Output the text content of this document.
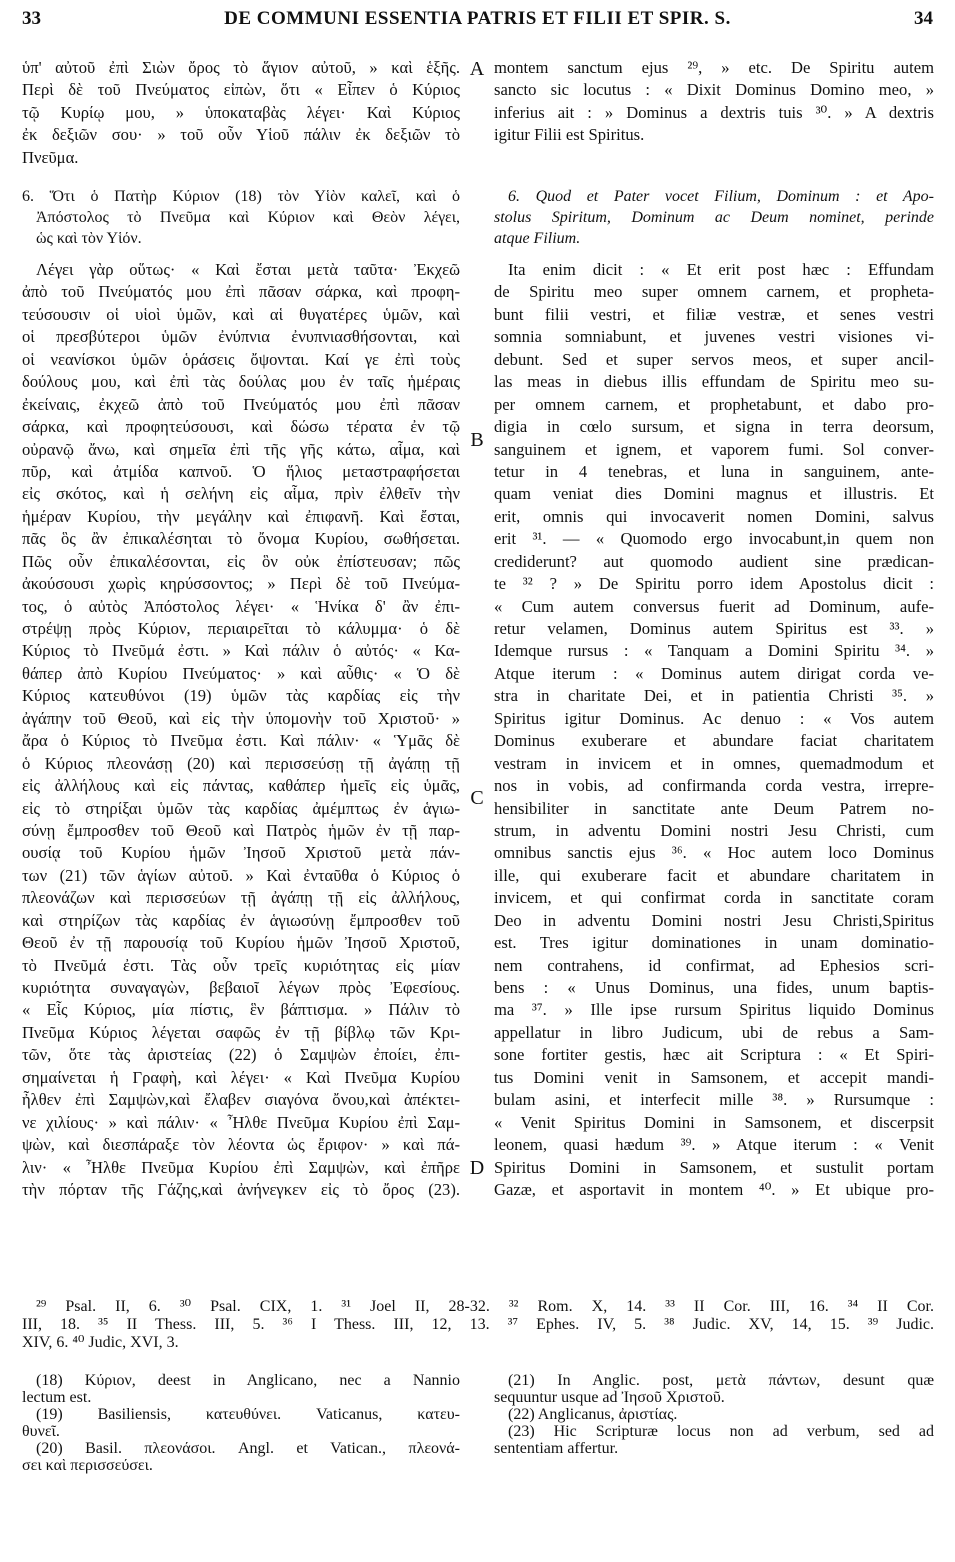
33	DE COMMUNI ESSENTIA PATRIS ET FILII ET SPIR. S.	34
A
B
C
D
ὑπ' αὐτοῦ ἐπὶ Σιὼν ὄρος τὸ ἅγιον αὐτοῦ, » καὶ ἑξῆς.
Περὶ δὲ τοῦ Πνεύματος εἰπὼν, ὅτι « Εἶπεν ὁ Κύριος
τῷ Κυρίῳ μου, » ὑποκαταβὰς λέγει· Καὶ Κύριος
ἐκ δεξιῶν σου· » τοῦ οὖν Υἱοῦ πάλιν ἐκ δεξιῶν τὸ
Πνεῦμα.
6. Ὅτι ὁ Πατὴρ Κύριον (18) τὸν Υἱὸν καλεῖ, καὶ ὁ
Ἀπόστολος τὸ Πνεῦμα καὶ Κύριον καὶ Θεὸν λέγει,
ὡς καὶ τὸν Υἱόν.
Λέγει γὰρ οὕτως· « Καὶ ἔσται μετὰ ταῦτα· Ἐκχεῶ
ἀπὸ τοῦ Πνεύματός μου ἐπὶ πᾶσαν σάρκα, καὶ προφη-
τεύσουσιν οἱ υἱοὶ ὑμῶν, καὶ αἱ θυγατέρες ὑμῶν, καὶ
οἱ πρεσβύτεροι ὑμῶν ἐνύπνια ἐνυπνιασθήσονται, καὶ
οἱ νεανίσκοι ὑμῶν ὁράσεις ὄψονται. Καί γε ἐπὶ τοὺς
δούλους μου, καὶ ἐπὶ τὰς δούλας μου ἐν ταῖς ἡμέραις
ἐκείναις, ἐκχεῶ ἀπὸ τοῦ Πνεύματός μου ἐπὶ πᾶσαν
σάρκα, καὶ προφητεύσουσι, καὶ δώσω τέρατα ἐν τῷ
οὐρανῷ ἄνω, καὶ σημεῖα ἐπὶ τῆς γῆς κάτω, αἷμα, καὶ
πῦρ, καὶ ἀτμίδα καπνοῦ. Ὁ ἥλιος μεταστραφήσεται
εἰς σκότος, καὶ ἡ σελήνη εἰς αἷμα, πρὶν ἐλθεῖν τὴν
ἡμέραν Κυρίου, τὴν μεγάλην καὶ ἐπιφανῆ. Καὶ ἔσται,
πᾶς ὃς ἂν ἐπικαλέσηται τὸ ὄνομα Κυρίου, σωθήσεται.
Πῶς οὖν ἐπικαλέσονται, εἰς ὃν οὐκ ἐπίστευσαν; πῶς
ἀκούσουσι χωρὶς κηρύσσοντος; » Περὶ δὲ τοῦ Πνεύμα-
τος, ὁ αὐτὸς Ἀπόστολος λέγει· « Ἡνίκα δ' ἂν ἐπι-
στρέψῃ πρὸς Κύριον, περιαιρεῖται τὸ κάλυμμα· ὁ δὲ
Κύριος τὸ Πνεῦμά ἐστι. » Καὶ πάλιν ὁ αὐτός· « Κα-
θάπερ ἀπὸ Κυρίου Πνεύματος· » καὶ αὖθις· « Ὁ δὲ
Κύριος κατευθύνοι (19) ὑμῶν τὰς καρδίας εἰς τὴν
ἀγάπην τοῦ Θεοῦ, καὶ εἰς τὴν ὑπομονὴν τοῦ Χριστοῦ· »
ἄρα ὁ Κύριος τὸ Πνεῦμα ἐστι. Καὶ πάλιν· « Ὑμᾶς δὲ
ὁ Κύριος πλεονάσῃ (20) καὶ περισσεύσῃ τῇ ἀγάπῃ τῇ
εἰς ἀλλήλους καὶ εἰς πάντας, καθάπερ ἡμεῖς εἰς ὑμᾶς,
εἰς τὸ στηρίξαι ὑμῶν τὰς καρδίας ἀμέμπτως ἐν ἁγιω-
σύνῃ ἔμπροσθεν τοῦ Θεοῦ καὶ Πατρὸς ἡμῶν ἐν τῇ παρ-
ουσίᾳ τοῦ Κυρίου ἡμῶν Ἰησοῦ Χριστοῦ μετὰ πάν-
των (21) τῶν ἁγίων αὐτοῦ. » Καὶ ἐνταῦθα ὁ Κύριος ὁ
πλεονάζων καὶ περισσεύων τῇ ἀγάπῃ τῇ εἰς ἀλλήλους,
καὶ στηρίζων τὰς καρδίας ἐν ἁγιωσύνῃ ἔμπροσθεν τοῦ
Θεοῦ ἐν τῇ παρουσίᾳ τοῦ Κυρίου ἡμῶν Ἰησοῦ Χριστοῦ,
τὸ Πνεῦμά ἐστι. Τὰς οὖν τρεῖς κυριότητας εἰς μίαν
κυριότητα συναγαγὼν, βεβαιοῖ λέγων πρὸς Ἐφεσίους.
« Εἷς Κύριος, μία πίστις, ἓν βάπτισμα. » Πάλιν τὸ
Πνεῦμα Κύριος λέγεται σαφῶς ἐν τῇ βίβλῳ τῶν Κρι-
τῶν, ὅτε τὰς ἀριστείας (22) ὁ Σαμψὼν ἐποίει, ἐπι-
σημαίνεται ἡ Γραφὴ, καὶ λέγει· « Καὶ Πνεῦμα Κυρίου
ἦλθεν ἐπὶ Σαμψὼν,καὶ ἔλαβεν σιαγόνα ὄνου,καὶ ἀπέκτει-
νε χιλίους· » καὶ πάλιν· « Ἦλθε Πνεῦμα Κυρίου ἐπὶ Σαμ-
ψὼν, καὶ διεσπάραξε τὸν λέοντα ὡς ἔριφον· » καὶ πά-
λιν· « Ἦλθε Πνεῦμα Κυρίου ἐπὶ Σαμψὼν, καὶ ἐπῆρε
τὴν πόρταν τῆς Γάζης,καὶ ἀνήνεγκεν εἰς τὸ ὄρος (23).
montem sanctum ejus ²⁹, » etc. De Spiritu autem
sancto sic locutus : « Dixit Dominus Domino meo, »
inferius ait : » Dominus a dextris tuis ³⁰. » A dextris
igitur Filii est Spiritus.
6. Quod et Pater vocet Filium, Dominum : et Apo-
stolus Spiritum, Dominum ac Deum nominet, perinde
atque Filium.
Ita enim dicit : « Et erit post hæc : Effundam
de Spiritu meo super omnem carnem, et propheta-
bunt filii vestri, et filiæ vestræ, et senes vestri
somnia somniabunt, et juvenes vestri visiones vi-
debunt. Sed et super servos meos, et super ancil-
las meas in diebus illis effundam de Spiritu meo su-
per omnem carnem, et prophetabunt, et dabo pro-
digia in cœlo sursum, et signa in terra deorsum,
sanguinem et ignem, et vaporem fumi. Sol conver-
tetur in 4 tenebras, et luna in sanguinem, ante-
quam veniat dies Domini magnus et illustris. Et
erit, omnis qui invocaverit nomen Domini, salvus
erit ³¹. — « Quomodo ergo invocabunt,in quem non
crediderunt? aut quomodo audient sine prædican-
te ³² ? » De Spiritu porro idem Apostolus dicit :
« Cum autem conversus fuerit ad Dominum, aufe-
retur velamen, Dominus autem Spiritus est ³³. »
Idemque rursus : « Tanquam a Domini Spiritu ³⁴. »
Atque iterum : « Dominus autem dirigat corda ve-
stra in charitate Dei, et in patientia Christi ³⁵. »
Spiritus igitur Dominus. Ac denuo : « Vos autem
Dominus exuberare et abundare faciat charitatem
vestram in invicem et in omnes, quemadmodum et
nos in vobis, ad confirmanda corda vestra, irrepre-
hensibiliter in sanctitate ante Deum Patrem no-
strum, in adventu Domini nostri Jesu Christi, cum
omnibus sanctis ejus ³⁶. « Hoc autem loco Dominus
ille, qui exuberare facit et abundare charitatem in
invicem, et qui confirmat corda in sanctitate coram
Deo in adventu Domini nostri Jesu Christi,Spiritus
est. Tres igitur dominationes in unam dominatio-
nem contrahens, id confirmat, ad Ephesios scri-
bens : « Unus Dominus, una fides, unum baptis-
ma ³⁷. » Ille ipse rursum Spiritus liquido Dominus
appellatur in libro Judicum, ubi de rebus a Sam-
sone fortiter gestis, hæc ait Scriptura : « Et Spiri-
tus Domini venit in Samsonem, et accepit mandi-
bulam asini, et interfecit mille ³⁸. » Rursumque :
« Venit Spiritus Domini in Samsonem, et discerpsit
leonem, quasi hædum ³⁹. » Atque iterum : « Venit
Spiritus Domini in Samsonem, et sustulit portam
Gazæ, et asportavit in montem ⁴⁰. » Et ubique pro-
²⁹ Psal. II, 6. ³⁰ Psal. CIX, 1. ³¹ Joel II, 28-32. ³² Rom. X, 14. ³³ II Cor. III, 16. ³⁴ II Cor.
III, 18. ³⁵ II Thess. III, 5. ³⁶ I Thess. III, 12, 13. ³⁷ Ephes. IV, 5. ³⁸ Judic. XV, 14, 15. ³⁹ Judic.
XIV, 6. ⁴⁰ Judic, XVI, 3.
(18) Κύριον, deest in Anglicano, nec a Nannio
lectum est.
(19) Basiliensis, κατευθύνει. Vaticanus, κατευ-
θυνεῖ.
(20) Basil. πλεονάσοι. Angl. et Vatican., πλεονά-
σει καὶ περισσεύσει.
(21) In Anglic. post, μετὰ πάντων, desunt quæ
sequuntur usque ad Ἰησοῦ Χριστοῦ.
(22) Anglicanus, ἀριστίας.
(23) Hic Scripturæ locus non ad verbum, sed ad
sententiam affertur.
